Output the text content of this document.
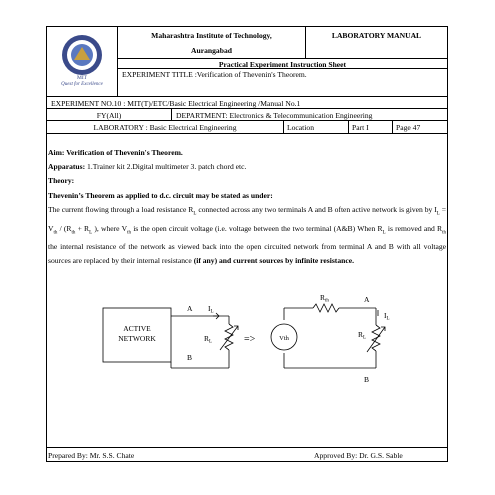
MIT
Quest for Excellence
Maharashtra Institute of Technology,
Aurangabad
LABORATORY MANUAL
Practical Experiment Instruction Sheet
EXPERIMENT TITLE :Verification of Thevenin's Theorem.
EXPERIMENT NO.10 : MIT(T)/ETC/Basic Electrical Engineering /Manual No.1
FY(All)	DEPARTMENT: Electronics & Telecommunication Engineering
LABORATORY : Basic Electrical Engineering	Location	Part I	Page 47

Aim: Verification of Thevenin's Theorem.

Apparatus: 1.Trainer kit 2.Digital multimeter 3. patch chord etc.

Theory:

Thevenin’s Theorem as applied to d.c. circuit may be stated as under:

The current flowing through a load resistance $R_L$ connected across any two terminals A and B often active network is given by $I_L = V_{th} / (R_{th} + R_L$ ), where $V_{th}$ is the open circuit voltage (i.e. voltage between the two terminal (A&B) When $R_L$ is removed and $R_{th}$ the internal resistance of the network as viewed back into the open circuited network from terminal A and B with all voltage sources are replaced by their internal resistance (if any) and current sources by infinite resistance.

ACTIVE
NETWORK
A
B
$I_L$
$R_L$	=>	Vth
$R_{th}$	A
$I_L$
$R_L$
B
Prepared By: Mr. S.S. Chate	Approved By: Dr. G.S. Sable
